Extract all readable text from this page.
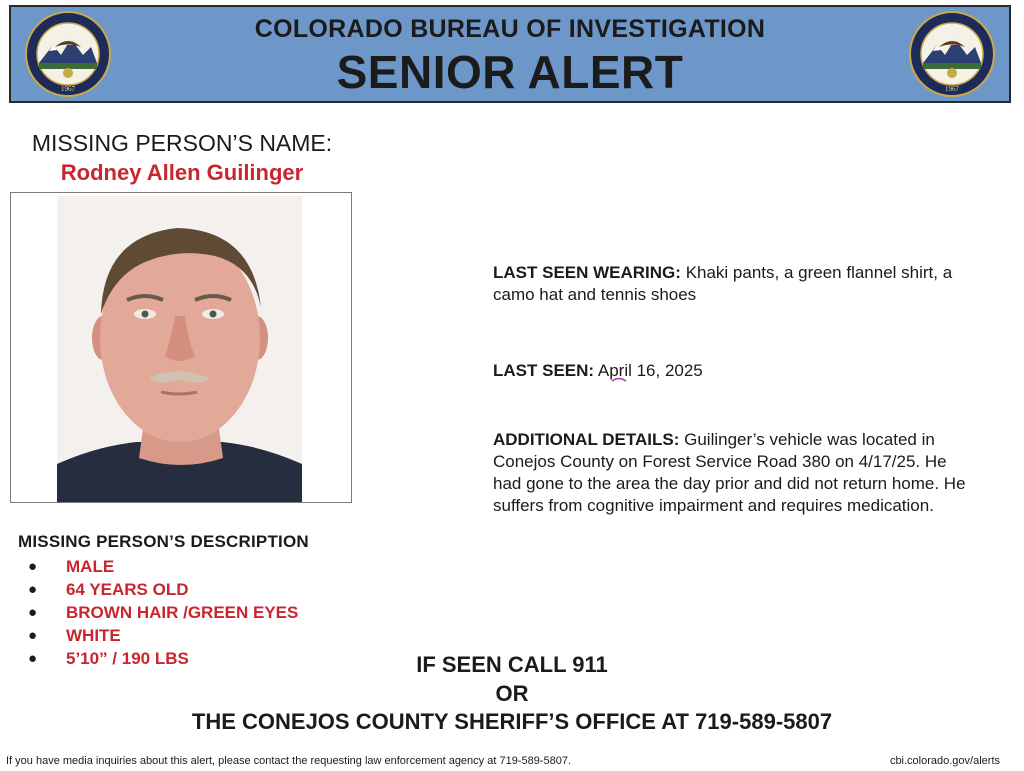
1967
COLORADO BUREAU OF INVESTIGATION
SENIOR ALERT	1967
MISSING PERSON’S NAME:
Rodney Allen Guilinger
LAST SEEN WEARING: Khaki pants, a green flannel shirt, a camo hat and tennis shoes
LAST SEEN: April 16, 2025
ADDITIONAL DETAILS: Guilinger’s vehicle was located in Conejos County on Forest Service Road 380 on 4/17/25. He had gone to the area the day prior and did not return home. He suffers from cognitive impairment and requires medication.
MISSING PERSON’S DESCRIPTION
● MALE
● 64 YEARS OLD
● BROWN HAIR /GREEN EYES
● WHITE
● 5’10” / 190 LBS	IF SEEN CALL 911
OR
THE CONEJOS COUNTY SHERIFF’S OFFICE AT 719-589-5807
If you have media inquiries about this alert, please contact the requesting law enforcement agency at 719-589-5807.	cbi.colorado.gov/alerts
